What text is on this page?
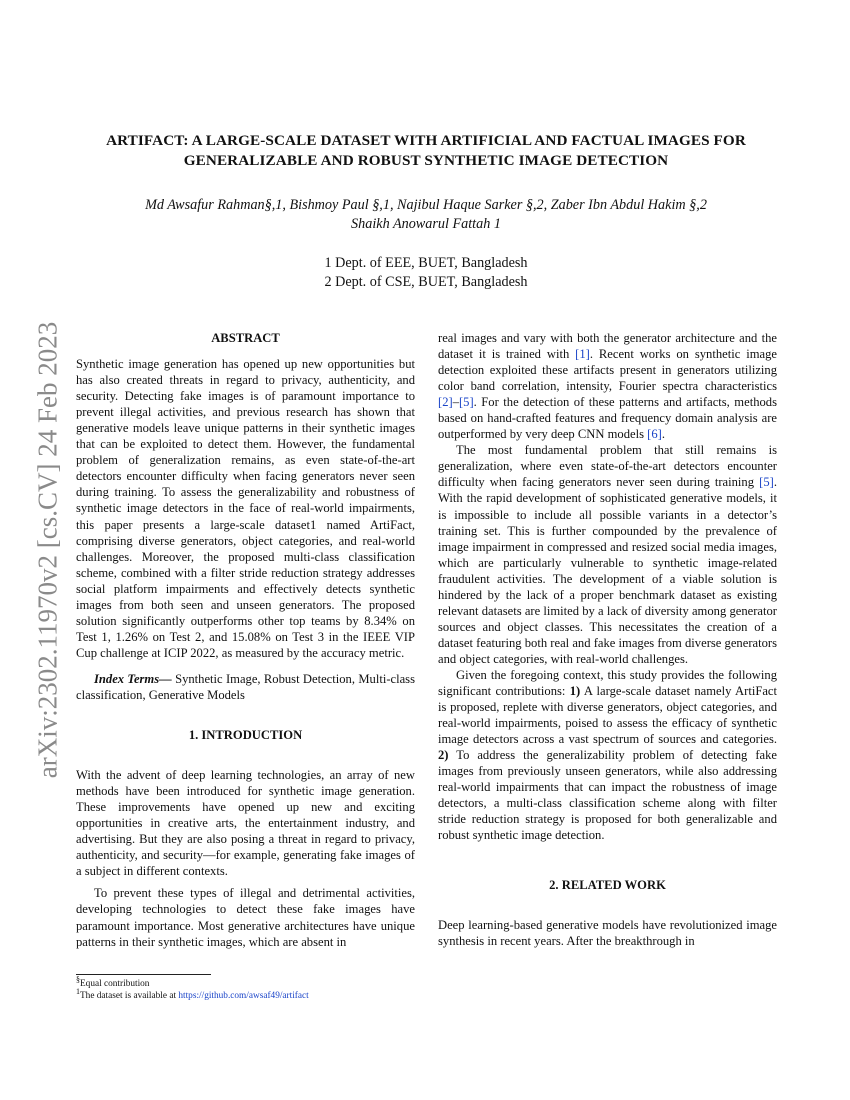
arXiv:2302.11970v2 [cs.CV] 24 Feb 2023
ARTIFACT: A LARGE-SCALE DATASET WITH ARTIFICIAL AND FACTUAL IMAGES FOR
GENERALIZABLE AND ROBUST SYNTHETIC IMAGE DETECTION
Md Awsafur Rahman§,1, Bishmoy Paul §,1, Najibul Haque Sarker §,2, Zaber Ibn Abdul Hakim §,2
Shaikh Anowarul Fattah 1
1 Dept. of EEE, BUET, Bangladesh
2 Dept. of CSE, BUET, Bangladesh
ABSTRACT

Synthetic image generation has opened up new opportunities but has also created threats in regard to privacy, authenticity, and security. Detecting fake images is of paramount importance to prevent illegal activities, and previous research has shown that generative models leave unique patterns in their synthetic images that can be exploited to detect them. However, the fundamental problem of generalization remains, as even state-of-the-art detectors encounter difficulty when facing generators never seen during training. To assess the generalizability and robustness of synthetic image detectors in the face of real-world impairments, this paper presents a large-scale dataset1 named ArtiFact, comprising diverse generators, object categories, and real-world challenges. Moreover, the proposed multi-class classification scheme, combined with a filter stride reduction strategy addresses social platform impairments and effectively detects synthetic images from both seen and unseen generators. The proposed solution significantly outperforms other top teams by 8.34% on Test 1, 1.26% on Test 2, and 15.08% on Test 3 in the IEEE VIP Cup challenge at ICIP 2022, as measured by the accuracy metric.

Index Terms— Synthetic Image, Robust Detection, Multi-class classification, Generative Models

1. INTRODUCTION

With the advent of deep learning technologies, an array of new methods have been introduced for synthetic image generation. These improvements have opened up new and exciting opportunities in creative arts, the entertainment industry, and advertising. But they are also posing a threat in regard to privacy, authenticity, and security—for example, generating fake images of a subject in different contexts.

To prevent these types of illegal and detrimental activities, developing technologies to detect these fake images have paramount importance. Most generative architectures have unique patterns in their synthetic images, which are absent in

real images and vary with both the generator architecture and the dataset it is trained with [1]. Recent works on synthetic image detection exploited these artifacts present in generators utilizing color band correlation, intensity, Fourier spectra characteristics [2]–[5]. For the detection of these patterns and artifacts, methods based on hand-crafted features and frequency domain analysis are outperformed by very deep CNN models [6].

The most fundamental problem that still remains is generalization, where even state-of-the-art detectors encounter difficulty when facing generators never seen during training [5]. With the rapid development of sophisticated generative models, it is impossible to include all possible variants in a detector’s training set. This is further compounded by the prevalence of image impairment in compressed and resized social media images, which are particularly vulnerable to synthetic image-related fraudulent activities. The development of a viable solution is hindered by the lack of a proper benchmark dataset as existing relevant datasets are limited by a lack of diversity among generator sources and object classes. This necessitates the creation of a dataset featuring both real and fake images from diverse generators and object categories, with real-world challenges.

Given the foregoing context, this study provides the following significant contributions: 1) A large-scale dataset namely ArtiFact is proposed, replete with diverse generators, object categories, and real-world impairments, poised to assess the efficacy of synthetic image detectors across a vast spectrum of sources and categories. 2) To address the generalizability problem of detecting fake images from previously unseen generators, while also addressing real-world impairments that can impact the robustness of image detectors, a multi-class classification scheme along with filter stride reduction strategy is proposed for both generalizable and robust synthetic image detection.

2. RELATED WORK

Deep learning-based generative models have revolutionized image synthesis in recent years. After the breakthrough in

§Equal contribution
$^1$The dataset is available at https://github.com/awsaf49/artifact
